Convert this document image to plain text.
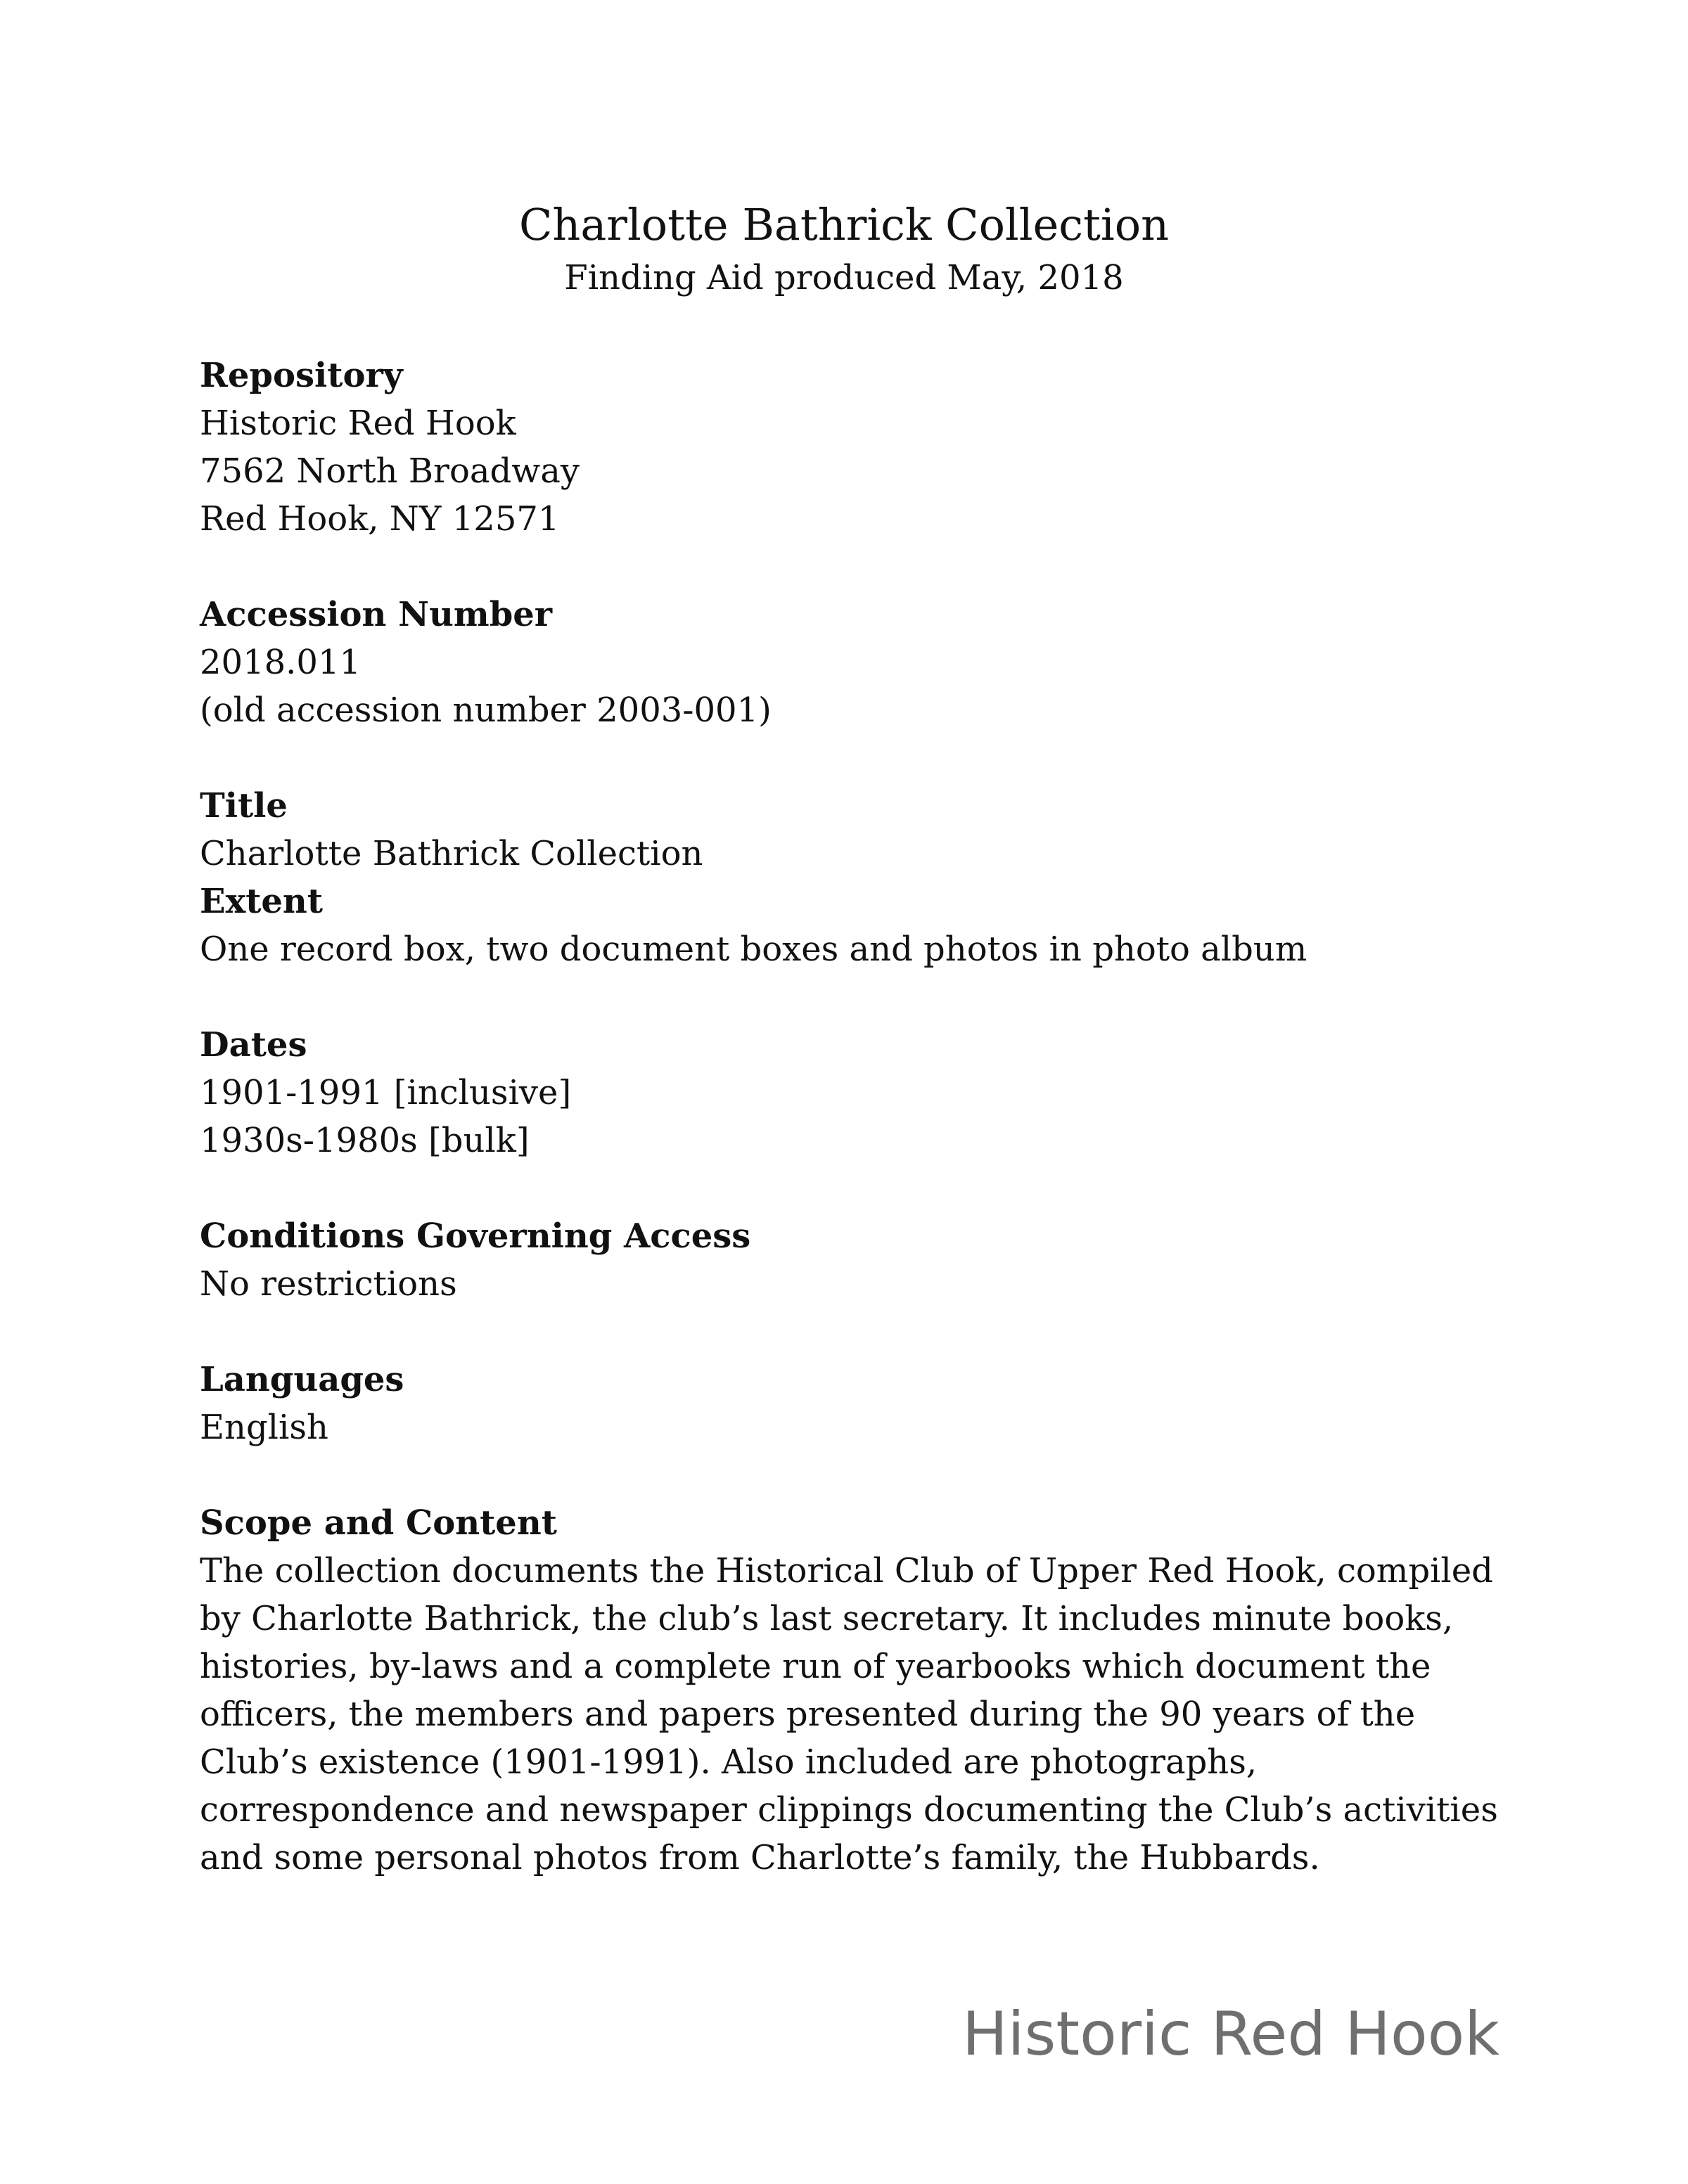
Charlotte Bathrick Collection

Finding Aid produced May, 2018

Repository

Historic Red Hook

7562 North Broadway

Red Hook, NY 12571

Accession Number

2018.011

(old accession number 2003-001)

Title

Charlotte Bathrick Collection

Extent

One record box, two document boxes and photos in photo album

Dates

1901-1991 [inclusive]

1930s-1980s [bulk]

Conditions Governing Access

No restrictions

Languages

English

Scope and Content

The collection documents the Historical Club of Upper Red Hook, compiled by Charlotte Bathrick, the club’s last secretary. It includes minute books, histories, by-laws and a complete run of yearbooks which document the officers, the members and papers presented during the 90 years of the Club’s existence (1901-1991). Also included are photographs, correspondence and newspaper clippings documenting the Club’s activities and some personal photos from Charlotte’s family, the Hubbards.

Historic Red Hook
